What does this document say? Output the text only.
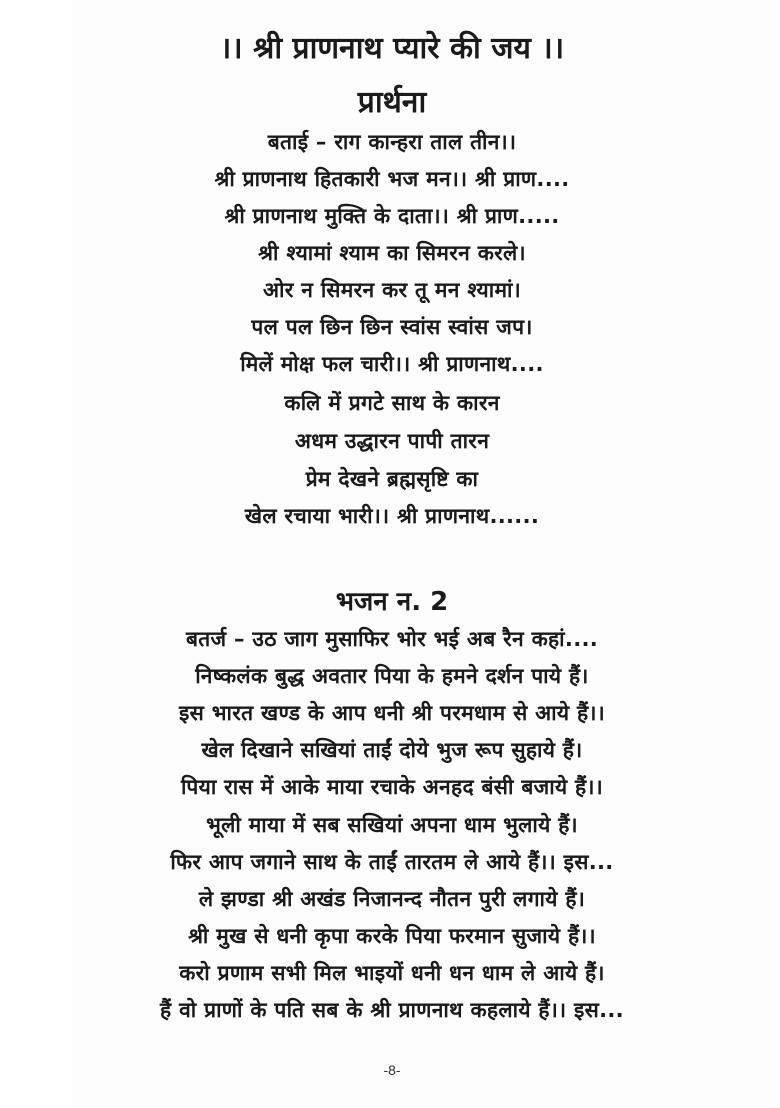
।। श्री प्राणनाथ प्यारे की जय ।।
प्रार्थना
बताई – राग कान्हरा ताल तीन।।
श्री प्राणनाथ हितकारी भज मन।। श्री प्राण....
श्री प्राणनाथ मुक्ति के दाता।। श्री प्राण.....
श्री श्यामां श्याम का सिमरन करले।
ओर न सिमरन कर तू मन श्यामां।
पल पल छिन छिन स्वांस स्वांस जप।
मिलें मोक्ष फल चारी।। श्री प्राणनाथ....
कलि में प्रगटे साथ के कारन
अधम उद्धारन पापी तारन
प्रेम देखने ब्रह्मसृष्टि का
खेल रचाया भारी।। श्री प्राणनाथ......
भजन न. 2
बतर्ज – उठ जाग मुसाफिर भोर भई अब रैन कहां....
निष्कलंक बुद्ध अवतार पिया के हमने दर्शन पाये हैं।
इस भारत खण्ड के आप धनी श्री परमधाम से आये हैं।।
खेल दिखाने सखियां ताईं दोये भुज रूप सुहाये हैं।
पिया रास में आके माया रचाके अनहद बंसी बजाये हैं।।
भूली माया में सब सखियां अपना धाम भुलाये हैं।
फिर आप जगाने साथ के ताईं तारतम ले आये हैं।। इस...
ले झण्डा श्री अखंड निजानन्द नौतन पुरी लगाये हैं।
श्री मुख से धनी कृपा करके पिया फरमान सुजाये हैं।।
करो प्रणाम सभी मिल भाइयों धनी धन धाम ले आये हैं।
हैं वो प्राणों के पति सब के श्री प्राणनाथ कहलाये हैं।। इस...
-8-
